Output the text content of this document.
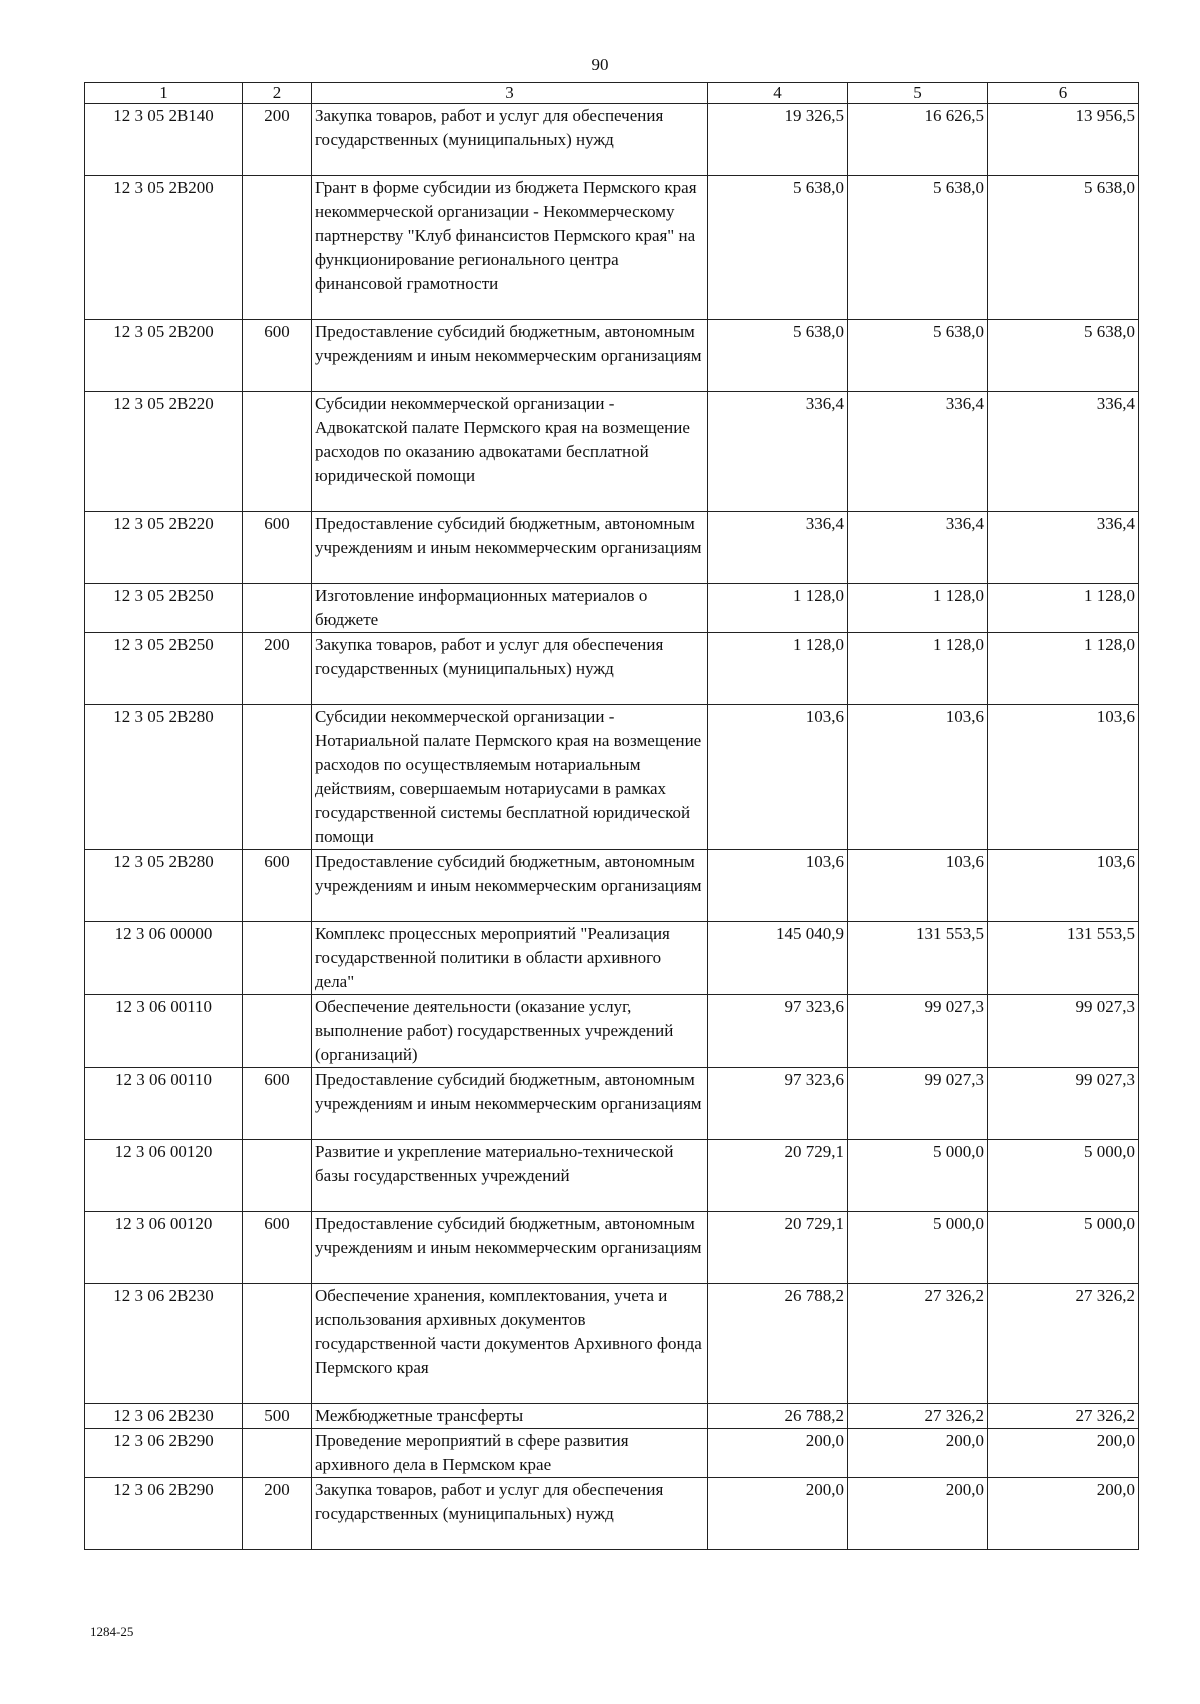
90
1	2	3	4	5	6
12 3 05 2В140	200	Закупка товаров, работ и услуг для обеспечения государственных (муниципальных) нужд	19 326,5	16 626,5	13 956,5
12 3 05 2В200		Грант в форме субсидии из бюджета Пермского края некоммерческой организации - Некоммерческому партнерству "Клуб финансистов Пермского края" на функционирование регионального центра финансовой грамотности	5 638,0	5 638,0	5 638,0
12 3 05 2В200	600	Предоставление субсидий бюджетным, автономным учреждениям и иным некоммерческим организациям	5 638,0	5 638,0	5 638,0
12 3 05 2В220		Субсидии некоммерческой организации - Адвокатской палате Пермского края на возмещение расходов по оказанию адвокатами бесплатной юридической помощи	336,4	336,4	336,4
12 3 05 2В220	600	Предоставление субсидий бюджетным, автономным учреждениям и иным некоммерческим организациям	336,4	336,4	336,4
12 3 05 2В250		Изготовление информационных материалов о бюджете	1 128,0	1 128,0	1 128,0
12 3 05 2В250	200	Закупка товаров, работ и услуг для обеспечения государственных (муниципальных) нужд	1 128,0	1 128,0	1 128,0
12 3 05 2В280		Субсидии некоммерческой организации - Нотариальной палате Пермского края на возмещение расходов по осуществляемым нотариальным действиям, совершаемым нотариусами в рамках государственной системы бесплатной юридической помощи	103,6	103,6	103,6
12 3 05 2В280	600	Предоставление субсидий бюджетным, автономным учреждениям и иным некоммерческим организациям	103,6	103,6	103,6
12 3 06 00000		Комплекс процессных мероприятий "Реализация государственной политики в области архивного дела"	145 040,9	131 553,5	131 553,5
12 3 06 00110		Обеспечение деятельности (оказание услуг, выполнение работ) государственных учреждений (организаций)	97 323,6	99 027,3	99 027,3
12 3 06 00110	600	Предоставление субсидий бюджетным, автономным учреждениям и иным некоммерческим организациям	97 323,6	99 027,3	99 027,3
12 3 06 00120		Развитие и укрепление материально-технической базы государственных учреждений	20 729,1	5 000,0	5 000,0
12 3 06 00120	600	Предоставление субсидий бюджетным, автономным учреждениям и иным некоммерческим организациям	20 729,1	5 000,0	5 000,0
12 3 06 2В230		Обеспечение хранения, комплектования, учета и использования архивных документов государственной части документов Архивного фонда Пермского края	26 788,2	27 326,2	27 326,2
12 3 06 2В230	500	Межбюджетные трансферты	26 788,2	27 326,2	27 326,2
12 3 06 2В290		Проведение мероприятий в сфере развития архивного дела в Пермском крае	200,0	200,0	200,0
12 3 06 2В290	200	Закупка товаров, работ и услуг для обеспечения государственных (муниципальных) нужд	200,0	200,0	200,0
1284-25
